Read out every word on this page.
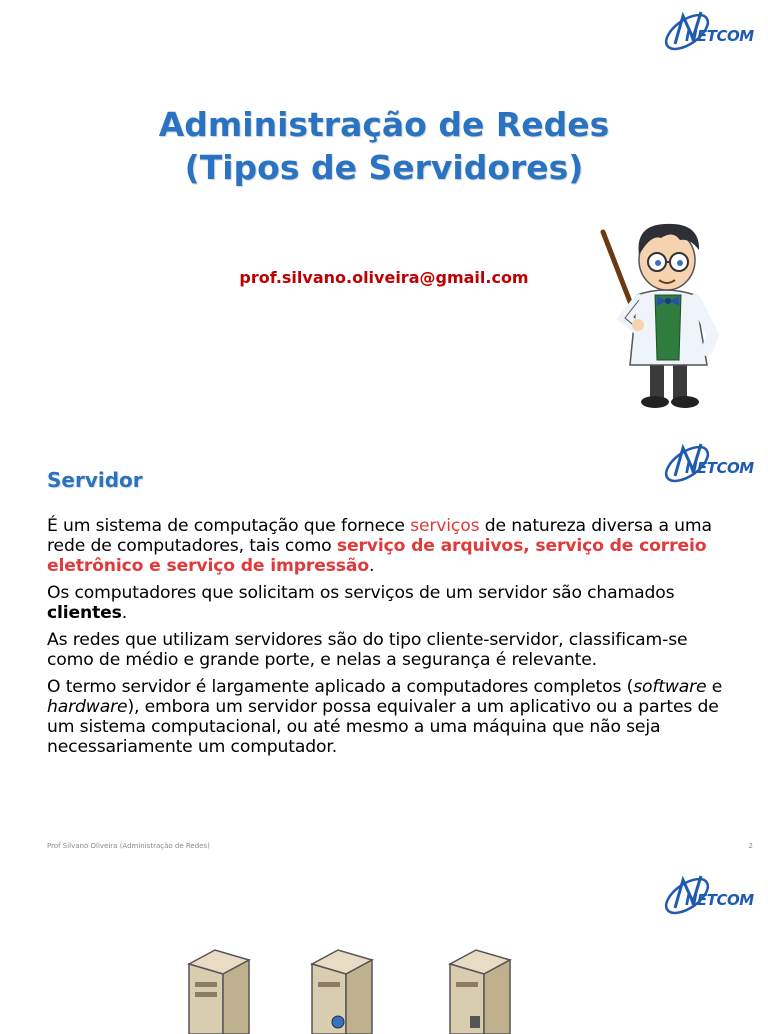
NETCOM
Administração de Redes
(Tipos de Servidores)
prof.silvano.oliveira@gmail.com
NETCOM
Servidor

É um sistema de computação que fornece serviços de natureza diversa a uma rede de computadores, tais como serviço de arquivos, serviço de correio eletrônico e serviço de impressão.

Os computadores que solicitam os serviços de um servidor são chamados clientes.

As redes que utilizam servidores são do tipo cliente-servidor, classificam-se como de médio e grande porte, e nelas a segurança é relevante.

O termo servidor é largamente aplicado a computadores completos (software e hardware), embora um servidor possa equivaler a um aplicativo ou a partes de um sistema computacional, ou até mesmo a uma máquina que não seja necessariamente um computador.

Prof Silvano Oliveira (Administração de Redes)	2
NETCOM
